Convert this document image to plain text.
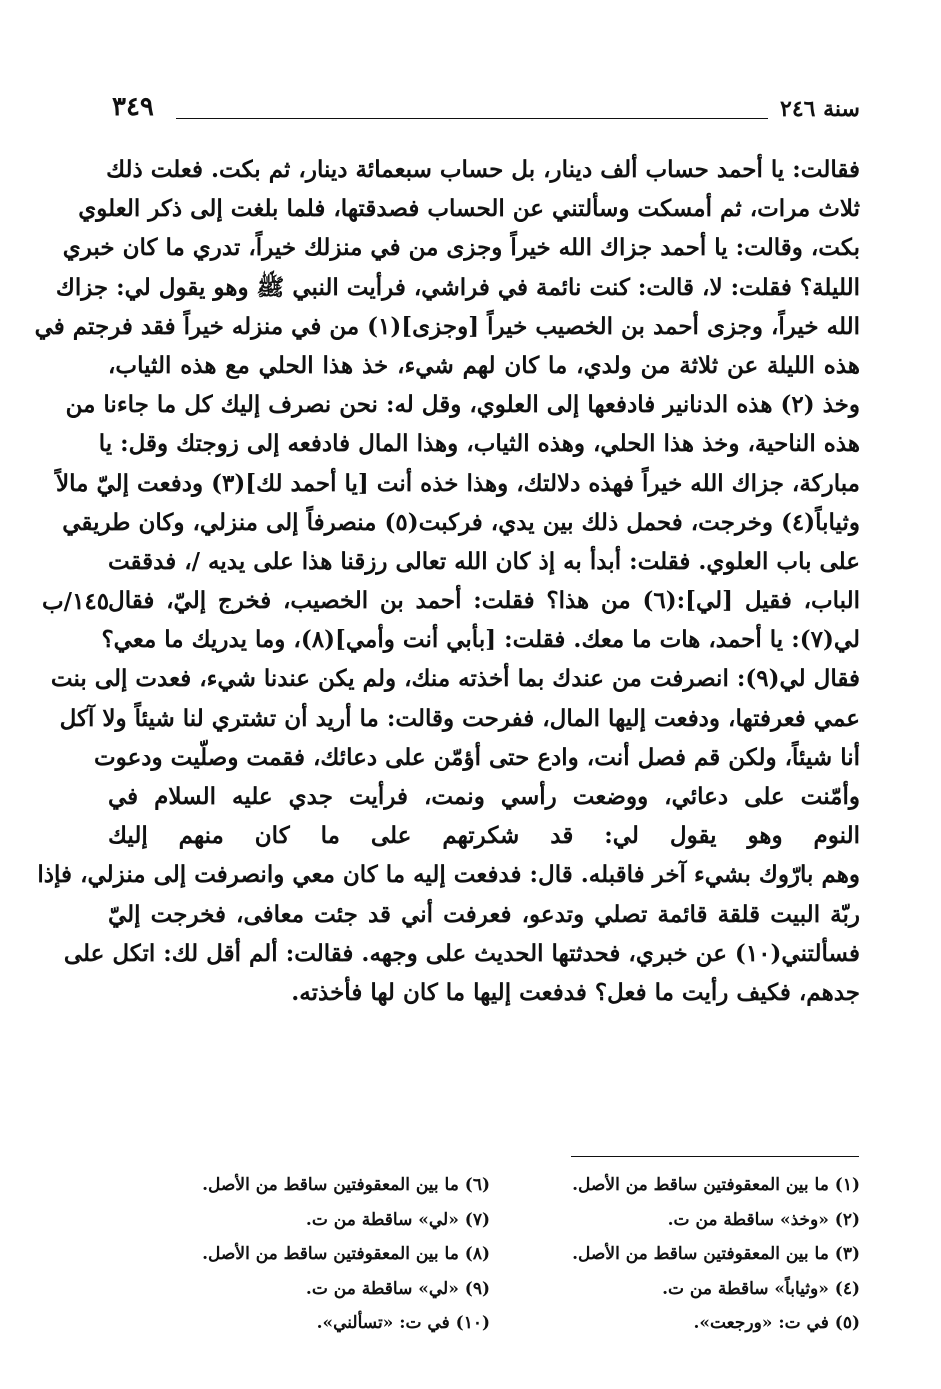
سنة ٢٤٦
٣٤٩
فقالت: يا أحمد حساب ألف دينار، بل حساب سبعمائة دينار، ثم بكت. فعلت ذلك
ثلاث مرات، ثم أمسكت وسألتني عن الحساب فصدقتها، فلما بلغت إلى ذكر العلوي
بكت، وقالت: يا أحمد جزاك الله خيراً وجزى من في منزلك خيراً، تدري ما كان خبري
الليلة؟ فقلت: لا، قالت: كنت نائمة في فراشي، فرأيت النبي ﷺ وهو يقول لي: جزاك
الله خيراً، وجزى أحمد بن الخصيب خيراً [وجزى](١) من في منزله خيراً فقد فرجتم في
هذه الليلة عن ثلاثة من ولدي، ما كان لهم شيء، خذ هذا الحلي مع هذه الثياب،
وخذ (٢) هذه الدنانير فادفعها إلى العلوي، وقل له: نحن نصرف إليك كل ما جاءنا من
هذه الناحية، وخذ هذا الحلي، وهذه الثياب، وهذا المال فادفعه إلى زوجتك وقل: يا
مباركة، جزاك الله خيراً فهذه دلالتك، وهذا خذه أنت [يا أحمد لك](٣) ودفعت إليّ مالاً
وثياباً(٤) وخرجت، فحمل ذلك بين يدي، فركبت(٥) منصرفاً إلى منزلي، وكان طريقي
على باب العلوي. فقلت: أبدأ به إذ كان الله تعالى رزقنا هذا على يديه /، فدققت
الباب، فقيل [لي]:(٦) من هذا؟ فقلت: أحمد بن الخصيب، فخرج إليّ، فقال
لي(٧): يا أحمد، هات ما معك. فقلت: [بأبي أنت وأمي](٨)، وما يدريك ما معي؟
فقال لي(٩): انصرفت من عندك بما أخذته منك، ولم يكن عندنا شيء، فعدت إلى بنت
عمي فعرفتها، ودفعت إليها المال، ففرحت وقالت: ما أريد أن تشتري لنا شيئاً ولا آكل
أنا شيئاً، ولكن قم فصل أنت، وادع حتى أؤمّن على دعائك، فقمت وصلّيت ودعوت
وأمّنت على دعائي، ووضعت رأسي ونمت، فرأيت جدي عليه السلام في
النوم وهو يقول لي: قد شكرتهم على ما كان منهم إليك
وهم بارّوك بشيء آخر فاقبله. قال: فدفعت إليه ما كان معي وانصرفت إلى منزلي، فإذا
ربّة البيت قلقة قائمة تصلي وتدعو، فعرفت أني قد جئت معافى، فخرجت إليّ
فسألتني(١٠) عن خبري، فحدثتها الحديث على وجهه. فقالت: ألم أقل لك: اتكل على
جدهم، فكيف رأيت ما فعل؟ فدفعت إليها ما كان لها فأخذته.
١٤٥/ب
(١) ما بين المعقوفتين ساقط من الأصل.
(٢) «وخذ» ساقطة من ت.
(٣) ما بين المعقوفتين ساقط من الأصل.
(٤) «وثياباً» ساقطة من ت.
(٥) في ت: «ورجعت».
(٦) ما بين المعقوفتين ساقط من الأصل.
(٧) «لي» ساقطة من ت.
(٨) ما بين المعقوفتين ساقط من الأصل.
(٩) «لي» ساقطة من ت.
(١٠) في ت: «تسألني».
